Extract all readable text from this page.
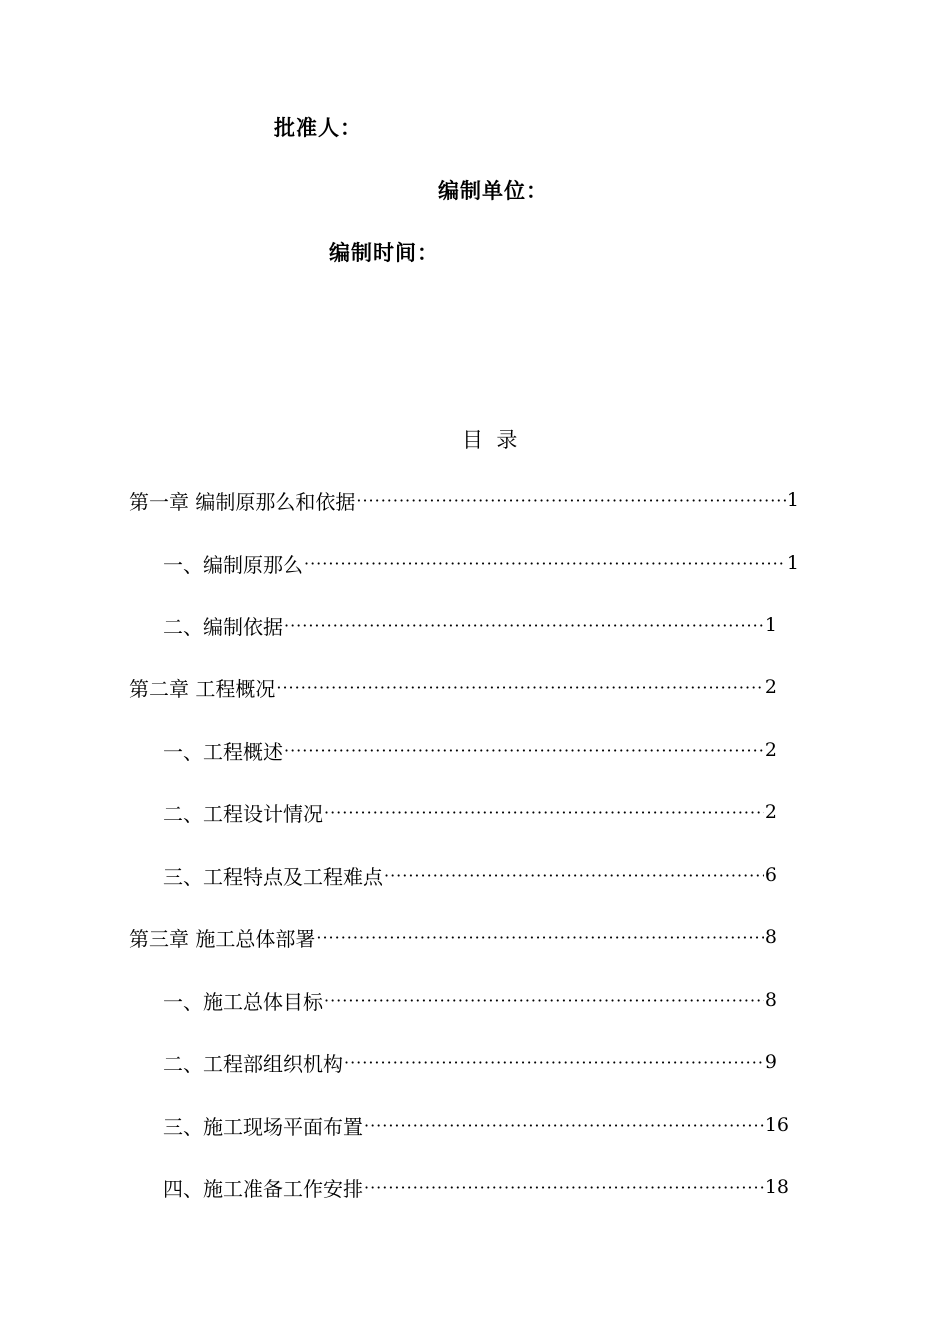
批准人：
编制单位：
编制时间：
目  录
第一章 编制原那么和依据 ·····	1
一、编制原那么 ·····	1
二、编制依据 ·····	1
第二章 工程概况 ·····	2
一、工程概述 ·····	2
二、工程设计情况 ·····	2
三、工程特点及工程难点 ·····	6
第三章 施工总体部署 ·····	8
一、施工总体目标 ·····	8
二、工程部组织机构 ·····	9
三、施工现场平面布置 ·····	16
四、施工准备工作安排 ·····	18
